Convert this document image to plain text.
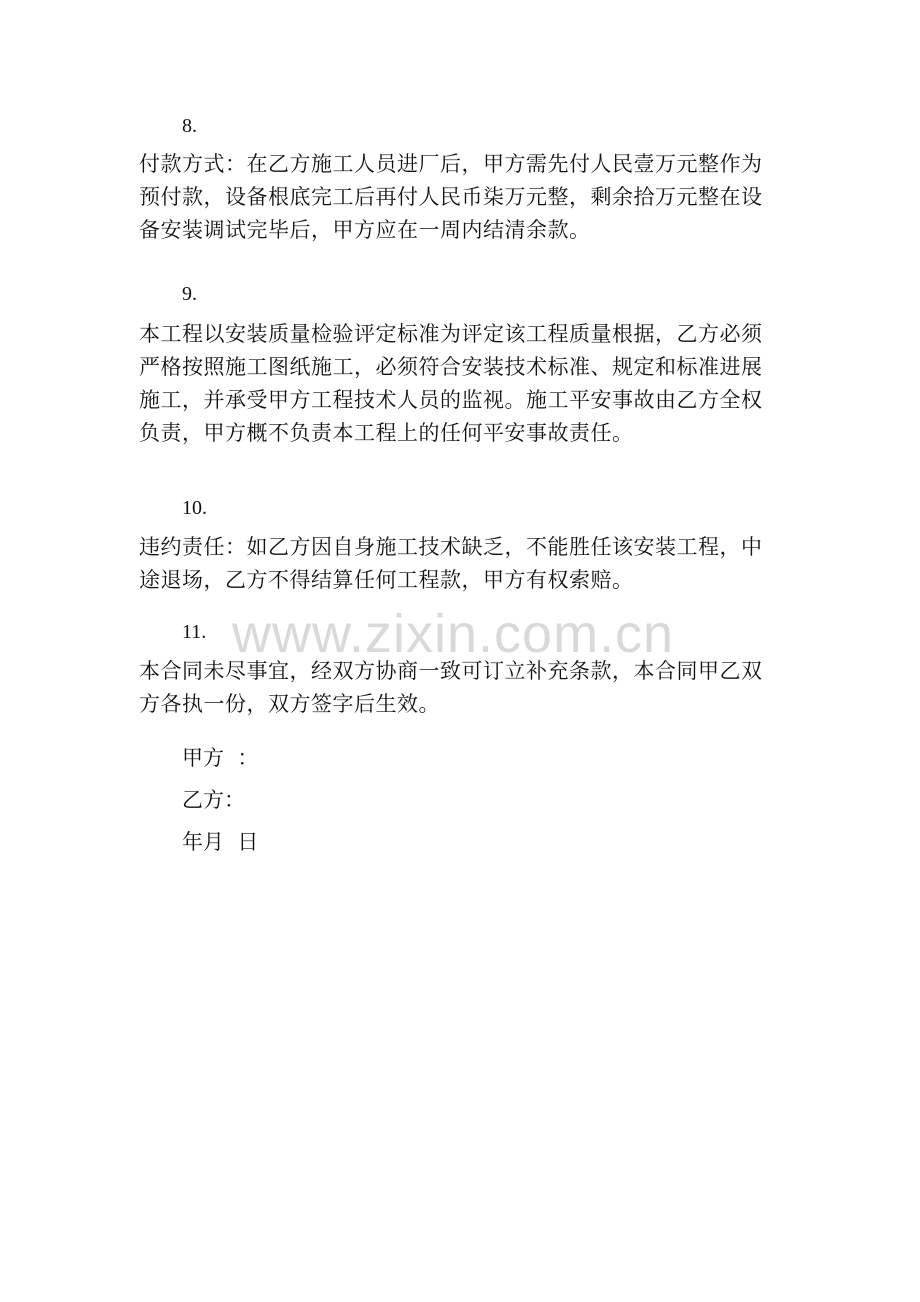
8.
付款方式：在乙方施工人员进厂后，甲方需先付人民壹万元整作为
预付款，设备根底完工后再付人民币柒万元整，剩余拾万元整在设
备安装调试完毕后，甲方应在一周内结清余款。
9.
本工程以安装质量检验评定标准为评定该工程质量根据，乙方必须
严格按照施工图纸施工，必须符合安装技术标准、规定和标准进展
施工，并承受甲方工程技术人员的监视。施工平安事故由乙方全权
负责，甲方概不负责本工程上的任何平安事故责任。
10.
违约责任：如乙方因自身施工技术缺乏，不能胜任该安装工程，中
途退场，乙方不得结算任何工程款，甲方有权索赔。
www.zixin.com.cn
11.
本合同未尽事宜，经双方协商一致可订立补充条款，本合同甲乙双
方各执一份，双方签字后生效。
甲方  ：
乙方：
年月  日
